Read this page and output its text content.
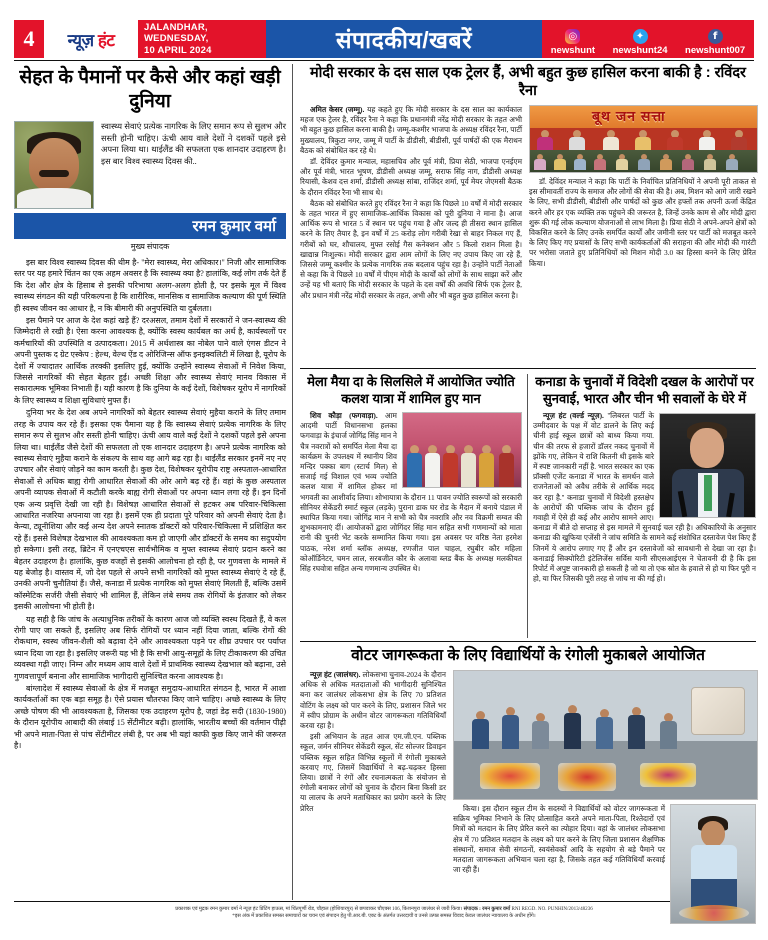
4	न्यूज़ हंट
JALANDHAR, WEDNESDAY,
10 APRIL 2024	संपादकीय/खबरें	◎
newshunt
✦
newshunt24
f
newshunt007
सेहत के पैमानों पर कैसे और कहां खड़ी दुनिया
स्वास्थ्य सेवाएं प्रत्येक नागरिक के लिए समान रूप से सुलभ और सस्ती होनी चाहिए। ऊंची आय वाले देशों ने दशकों पहले इसे अपना लिया था। थाईलैंड की सफलता एक शानदार उदाहरण है। इस बार विश्व स्वास्थ्य दिवस की..
रमन कुमार वर्मा
मुख्य संपादक

इस बार विश्व स्वास्थ्य दिवस की थीम है- "मेरा स्वास्थ्य, मेरा अधिकार।" निजी और सामाजिक स्तर पर यह हमारे चिंतन का एक अहम अवसर है कि स्वास्थ्य क्या है? हालांकि, कई लोग तर्क देते हैं कि देश और क्षेत्र के हिसाब से इसकी परिभाषा अलग-अलग होती है, पर इसके मूल में विश्व स्वास्थ्य संगठन की यही परिकल्पना है कि शारीरिक, मानसिक व सामाजिक कल्याण की पूर्ण स्थिति ही स्वस्थ जीवन का आधार है, न कि बीमारी की अनुपस्थिति या दुर्बलता।

इस पैमाने पर आज के देश कहां खड़े हैं? दरअसल, तमाम देशों में सरकारों ने जन-स्वास्थ्य की जिम्मेदारी ले रखी है। ऐसा करना आवश्यक है, क्योंकि स्वस्थ कार्यबल का अर्थ है, कार्यस्थलों पर कर्मचारियों की उपस्थिति व उत्पादकता। 2015 में अर्थशास्त्र का नोबेल पाने वाले एंगस डीटन ने अपनी पुस्तक द ग्रेट एस्केप : हेल्थ, वेल्थ ऐंड द ओरिजिन्स ऑफ इनइक्वलिटी में लिखा है, यूरोप के देशों में ज्यादातर आर्थिक तरक्की इसलिए हुई, क्योंकि उन्होंने स्वास्थ्य सेवाओं में निवेश किया, जिससे नागरिकों की सेहत बेहतर हुई। अच्छी शिक्षा और स्वास्थ्य सेवाएं मानव विकास में सकारात्मक भूमिका निभाती हैं। यही कारण है कि दुनिया के कई देशों, विशेषकर यूरोप में नागरिकों के लिए स्वास्थ्य व शिक्षा सुविधाएं मुफ्त हैं।

दुनिया भर के देश अब अपने नागरिकों को बेहतर स्वास्थ्य सेवाएं मुहैया कराने के लिए तमाम तरह के उपाय कर रहे हैं। इसका एक पैमाना यह है कि स्वास्थ्य सेवाएं प्रत्येक नागरिक के लिए समान रूप से सुलभ और सस्ती होनी चाहिए। ऊंची आय वाले कई देशों ने दशकों पहले इसे अपना लिया था। थाईलैंड जैसे देशों की सफलता तो एक शानदार उदाहरण है। अपने प्रत्येक नागरिक को स्वास्थ्य सेवाएं मुहैया कराने के संकल्प के साथ वह आगे बढ़ रहा है। थाईलैंड सरकार इनमें नए नए उपचार और सेवाएं जोड़ने का काम करती है। कुछ देश, विशेषकर यूरोपीय राष्ट्र अस्पताल-आधारित सेवाओं से अधिक बाह्य रोगी आधारित सेवाओं की ओर आगे बढ़ रहे हैं। वहां के कुछ अस्पताल अपनी व्यापक सेवाओं में कटौती करके बाह्य रोगी सेवाओं पर अपना ध्यान लगा रहे हैं। इन दिनों एक अन्य प्रवृत्ति देखी जा रही है। विशेषज्ञ आधारित सेवाओं से हटकर अब परिवार-चिकित्सा आधारित नजरिया अपनाया जा रहा है। इसमें एक ही प्रदाता पूरे परिवार को अपनी सेवाएं देता है। केन्या, ट्यूनीशिया और कई अन्य देश अपने स्नातक डॉक्टरों को परिवार-चिकित्सा में प्रशिक्षित कर रहे हैं। इससे विशेषज्ञ देखभाल की आवश्यकता कम हो जाएगी और डॉक्टरों के समय का सदुपयोग हो सकेगा। इसी तरह, ब्रिटेन में एनएचएस सार्वभौमिक व मुफ्त स्वास्थ्य सेवाएं प्रदान करने का बेहतर उदाहरण है। हालांकि, कुछ वजहों से इसकी आलोचना हो रही है, पर गुणवत्ता के मामले में यह बेजोड़ है। वास्तव में, जो देश पहले से अपने सभी नागरिकों को मुफ्त स्वास्थ्य सेवाएं दे रहे हैं, उनकी अपनी चुनौतियां हैं। जैसे, कनाडा में प्रत्येक नागरिक को मुफ्त सेवाएं मिलती हैं, बल्कि उसमें कॉस्मेटिक सर्जरी जैसी सेवाएं भी शामिल हैं, लेकिन लंबे समय तक रोगियों के इंतजार को लेकर इसकी आलोचना भी होती है।

यह सही है कि जांच के अत्याधुनिक तरीकों के कारण आज जो व्यक्ति स्वस्थ दिखते हैं, वे कल रोगी पाए जा सकते हैं, इसलिए अब सिर्फ रोगियों पर ध्यान नहीं दिया जाता, बल्कि रोगों की रोकथाम, स्वस्थ जीवन-शैली को बढ़ावा देने और आवश्यकता पड़ने पर शीघ्र उपचार पर पर्याप्त ध्यान दिया जा रहा है। इसलिए जरूरी यह भी है कि सभी आयु-समूहों के लिए टीकाकरण की उचित व्यवस्था गढ़ी जाए। निम्न और मध्यम आय वाले देशों में प्राथमिक स्वास्थ्य देखभाल को बढ़ाना, उसे गुणवत्तापूर्ण बनाना और सामाजिक भागीदारी सुनिश्चित करना आवश्यक है।

बांग्लादेश में स्वास्थ्य सेवाओं के क्षेत्र में मजबूत समुदाय-आधारित संगठन है, भारत में आशा कार्यकर्ताओं का एक बड़ा समूह है। ऐसे प्रयास चौतरफा किए जाने चाहिए। अच्छे स्वास्थ्य के लिए अच्छे पोषण की भी आवश्यकता है, जिसका एक उदाहरण यूरोप है, जहां डेढ़ सदी (1830-1980) के दौरान यूरोपीय आबादी की लंबाई 15 सेंटीमीटर बढ़ी। हालांकि, भारतीय बच्चों की वर्तमान पीढ़ी भी अपने माता-पिता से पांच सेंटीमीटर लंबी है, पर अब भी यहां काफी कुछ किए जाने की जरूरत है।

मोदी सरकार के दस साल एक ट्रेलर हैं, अभी बहुत कुछ हासिल करना बाकी है : रविंदर रैना

अमित केसर (जम्मू). यह कहते हुए कि मोदी सरकार के दस साल का कार्यकाल महज एक ट्रेलर है, रविंदर रैना ने कहा कि प्रधानमंत्री नरेंद्र मोदी सरकार के तहत अभी भी बहुत कुछ हासिल करना बाकी है। जम्मू-कश्मीर भाजपा के अध्यक्ष रविंदर रैना, पार्टी मुख्यालय, त्रिकुटा नगर, जम्मू में पार्टी के डीडीसी, बीडीसी, पूर्व पार्षदों की एक मैराथन बैठक को संबोधित कर रहे थे।

डॉ. देविंदर कुमार मन्याल, महासचिव और पूर्व मंत्री, प्रिया सेठी, भाजपा एनईएम और पूर्व मंत्री, भारत भूषण, डीडीसी अध्यक्ष जम्मू, सराफ सिंह नाग, डीडीसी अध्यक्ष रियासी, केशव दत्त शर्मा, डीडीसी अध्यक्ष सांबा, राजिंदर शर्मा, पूर्व मेयर जेएमसी बैठक के दौरान रविंदर रैना भी साथ थे।

बैठक को संबोधित करते हुए रविंदर रैना ने कहा कि पिछले 10 वर्षों में मोदी सरकार के तहत भारत में हुए सामाजिक-आर्थिक विकास को पूरी दुनिया ने माना है। आज आर्थिक रूप से भारत 5 वें स्थान पर पहुंच गया है और जल्द ही तीसरा स्थान हासिल करने के लिए तैयार है, इन वर्षों में 25 करोड़ लोग गरीबी रेखा से बाहर निकल गए हैं, गरीबों को घर, शौचालय, मुफ्त रसोई गैस कनेक्शन और 5 किलो राशन मिला है। खाद्यान्न निःशुल्क। मोदी सरकार द्वारा आम लोगों के लिए नए उपाय किए जा रहे हैं, जिससे जम्मू कश्मीर के प्रत्येक नागरिक तक बदलाव पहुंच रहा है। उन्होंने पार्टी नेताओं से कहा कि वे पिछले 10 वर्षों में पीएम मोदी के कार्यों को लोगों के साथ साझा करें और उन्हें यह भी बताएं कि मोदी सरकार के पहले के दस वर्षों की अवधि सिर्फ एक ट्रेलर है, और प्रधान मंत्री नरेंद्र मोदी सरकार के तहत, अभी और भी बहुत कुछ हासिल करना है।

बूथ जन सत्ता

डॉ. देविंदर मन्याल ने कहा कि पार्टी के निर्वाचित प्रतिनिधियों ने अपनी पूरी ताकत से इस सीमावर्ती राज्य के समाज और लोगों की सेवा की है। अब, मिशन को आगे जारी रखने के लिए, सभी डीडीसी, बीडीसी और पार्षदों को कुछ और हफ्तों तक अपनी ऊर्जा केंद्रित करने और हर एक व्यक्ति तक पहुंचने की जरूरत है, जिन्हें उनके काम से और मोदी द्वारा शुरू की गई लोक कल्याण योजनाओं से लाभ मिला है। प्रिया सेठी ने अपने-अपने क्षेत्रों को विकसित करने के लिए उनके समर्पित कार्यों और जमीनी स्तर पर पार्टी को मजबूत करने के लिए किए गए प्रयासों के लिए सभी कार्यकर्ताओं की सराहना की और मोदी की गारंटी पर भरोसा जताते हुए प्रतिनिधियों को मिशन मोदी 3.0 का हिस्सा बनने के लिए प्रेरित किया।

मेला मैया दा के सिलसिले में आयोजित ज्योति कलश यात्रा में शामिल हुए मान

शिव कौड़ा (फगवाड़ा). आम आदमी पार्टी विधानसभा हलका फगवाड़ा के इंचार्ज जोगिंद्र सिंह मान ने चैत्र नवरात्रों को समर्पित मेला मैया दा कार्यक्रम के उपलक्ष्य में स्थानीय शिव मन्दिर पक्का बाग (स्टार्च मिल) से सजाई गई विशाल एवं भव्य ज्योति कलश यात्रा में शामिल होकर मां भगवती का आशीर्वाद लिया। शोभायात्रा के दौरान 11 पावन ज्योति स्वरूपों को सरकारी सीनियर सेकेंडरी स्मार्ट स्कूल (लड़के) पुराना डाक घर रोड के मैदान में बनाये पंडाल में स्थापित किया गया। जोगिंद्र मान ने सभी को चैत्र नवरात्रि और नव विक्रमी सम्वत की शुभकामनाएं दीं। आयोजकों द्वारा जोगिंदर सिंह मान सहित सभी गणमान्यों को माता रानी की चुनरी भेंट करके सम्मानित किया गया। इस अवसर पर वरिष्ठ नेता हरमेश पाठक, नरेश शर्मा ब्लॉक अध्यक्ष, रणजीत पाल चाहल, रघुबीर कौर महिला कोऑर्डिनेटर, चमन लाल, सरबजीत कौर के अलावा ब्लड बैंक के अध्यक्ष मलकीयत सिंह रघवोत्रा सहित अन्य गणमान्य उपस्थित थे।

कनाडा के चुनावों में विदेशी दखल के आरोपों पर सुनवाई, भारत और चीन भी सवालों के घेरे में

न्यूज़ हंट (वर्ल्ड न्यूज़). ''लिबरल पार्टी के उम्मीदवार के पक्ष में वोट डालने के लिए कई चीनी हाई स्कूल छात्रों को बाध्य किया गया. चीन की तरफ से हजारों डॉलर नकद चुनावों में झोंके गए, लेकिन ये राशि कितनी थी इसके बारे में स्पष्ट जानकारी नहीं है. भारत सरकार का एक प्रॉक्सी एजेंट कनाडा में भारत के समर्थन वाले राजनेताओं को अवैध तरीके से आर्थिक मदद कर रहा है.'' कनाडा चुनावों में विदेशी हस्तक्षेप के आरोपों की पब्लिक जांच के दौरान हुई गवाही में ऐसे ही कई और आरोप सामने आए। कनाडा में बीते दो सप्ताह से इस मामले में सुनवाई चल रही है। अधिकारियों के अनुसार कनाडा की खुफिया एजेंसी ने जांच समिति के सामने कई संशोधित दस्तावेज पेश किए हैं जिनमें ये आरोप लगाए गए हैं और इन दस्तावेजों को सावधानी से देखा जा रहा है। कनाडाई सिक्योरिटी इंटेलिजेंस सर्विस यानी सीएसआईएस ने चेतावनी दी है कि इस रिपोर्ट में अपुष्ट जानकारी हो सकती है जो या तो एक स्रोत के हवाले से हो या फिर पूरी न हो, या फिर जिसकी पूरी तरह से जांच ना की गई हो।

वोटर जागरूकता के लिए विद्यार्थियों के रंगोली मुकाबले आयोजित

न्यूज़ हंट (जालंधर). लोकसभा चुनाव-2024 के दौरान अधिक से अधिक मतदाताओं की भागीदारी सुनिश्चित बना कर जालंधर लोकसभा क्षेत्र के लिए 70 प्रतिशत वोटिंग के लक्ष्य को पार करने के लिए, प्रशासन जिले भर में स्वीप प्रोग्राम के अधीन वोटर जागरूकता गतिविधियाँ करवा रहा है।

इसी अभियान के तहत आज एम.जी.एन. पब्लिक स्कूल, जर्मन सीनियर सेकेंडरी स्कूल, सेंट सोल्जर डिवाइन पब्लिक स्कूल सहित विभिन्न स्कूलों में रंगोली मुकाबले करवाए गए, जिसमें विद्यार्थियों ने बढ़-चढ़कर हिस्सा लिया। छात्रों ने रंगों और रचनात्मकता के संयोजन से रंगोली बनाकर लोगों को चुनाव के दौरान बिना किसी डर या लालच के अपने मताधिकार का प्रयोग करने के लिए प्रेरित	किया। इस दौरान स्कूल टीम के सदस्यों ने विद्यार्थियों को वोटर जागरूकता में सक्रिय भूमिका निभाने के लिए प्रोत्साहित करते अपने माता-पिता, रिश्तेदारों एवं मित्रों को मतदान के लिए प्रेरित करने का त्योहार दिया। वहां के जालंधर लोकसभा क्षेत्र में 70 प्रतिशत मतदान के लक्ष्य को पार करने के लिए जिला प्रशासन शैक्षणिक संस्थानों, समाज सेवी संगठनों, स्वयंसेवकों आदि के सहयोग से बड़े पैमाने पर मतदाता जागरूकता अभियान चला रहा है, जिसके तहत कई गतिविधियाँ करवाई जा रही हैं।

प्रकाशक एवं मुद्रक रमन कुमार वर्मा ने न्यूज़ हंट प्रिंटिंग हाऊस, मां चिंतपूर्णी रोड, चौहाल (होशियारपुर) से छपवाकर चौएक्स 106, किशनपुरा जालंधर से जारी किया। संपादक : रमन कुमार वर्मा RNI REGD. NO. PUNHIN/2013/48236
*इस अंक में प्रकाशित समस्त समाचारों का चयन एवं संपादन हेतु पी.आर.बी. एक्ट के अंतर्गत उत्तरदायी व उनसे उत्पन्न समस्त विवाद केवल जालंधर न्यायालय के अधीन होंगे।
